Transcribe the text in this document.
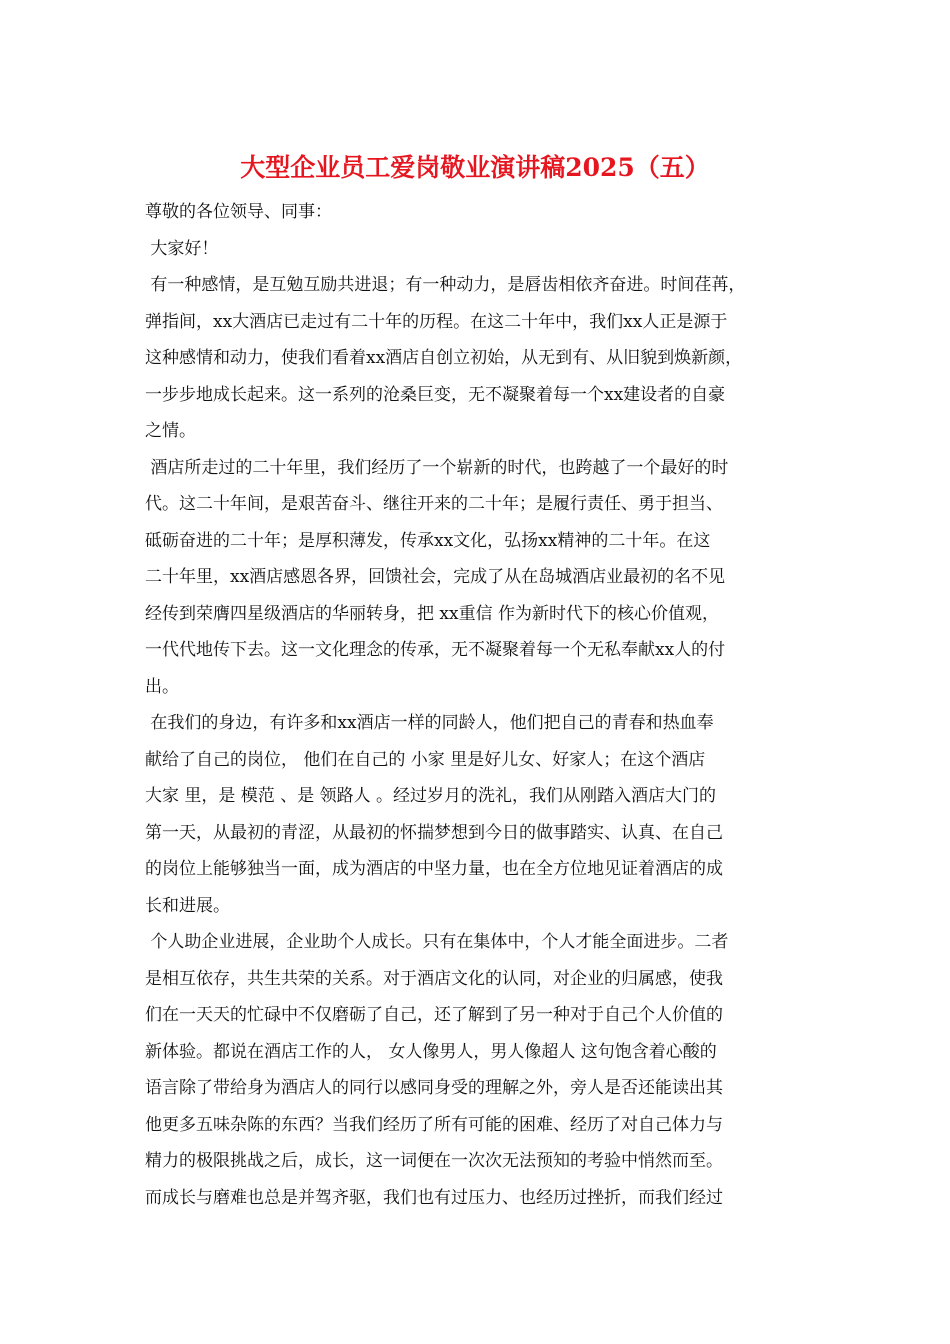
大型企业员工爱岗敬业演讲稿2025（五）
尊敬的各位领导、同事：
大家好！
有一种感情，是互勉互励共进退；有一种动力，是唇齿相依齐奋进。时间荏苒，
弹指间，xx大酒店已走过有二十年的历程。在这二十年中，我们xx人正是源于
这种感情和动力，使我们看着xx酒店自创立初始，从无到有、从旧貌到焕新颜，
一步步地成长起来。这一系列的沧桑巨变，无不凝聚着每一个xx建设者的自豪
之情。
酒店所走过的二十年里，我们经历了一个崭新的时代，也跨越了一个最好的时
代。这二十年间，是艰苦奋斗、继往开来的二十年；是履行责任、勇于担当、
砥砺奋进的二十年；是厚积薄发，传承xx文化，弘扬xx精神的二十年。在这
二十年里，xx酒店感恩各界，回馈社会，完成了从在岛城酒店业最初的名不见
经传到荣膺四星级酒店的华丽转身，把 xx重信 作为新时代下的核心价值观，
一代代地传下去。这一文化理念的传承，无不凝聚着每一个无私奉献xx人的付
出。
在我们的身边，有许多和xx酒店一样的同龄人，他们把自己的青春和热血奉
献给了自己的岗位， 他们在自己的 小家 里是好儿女、好家人；在这个酒店
大家 里，是 模范 、是 领路人 。经过岁月的洗礼，我们从刚踏入酒店大门的
第一天，从最初的青涩，从最初的怀揣梦想到今日的做事踏实、认真、在自己
的岗位上能够独当一面，成为酒店的中坚力量，也在全方位地见证着酒店的成
长和进展。
个人助企业进展，企业助个人成长。只有在集体中，个人才能全面进步。二者
是相互依存，共生共荣的关系。对于酒店文化的认同，对企业的归属感，使我
们在一天天的忙碌中不仅磨砺了自己，还了解到了另一种对于自己个人价值的
新体验。都说在酒店工作的人， 女人像男人，男人像超人 这句饱含着心酸的
语言除了带给身为酒店人的同行以感同身受的理解之外，旁人是否还能读出其
他更多五味杂陈的东西？当我们经历了所有可能的困难、经历了对自己体力与
精力的极限挑战之后，成长，这一词便在一次次无法预知的考验中悄然而至。
而成长与磨难也总是并驾齐驱，我们也有过压力、也经历过挫折，而我们经过
